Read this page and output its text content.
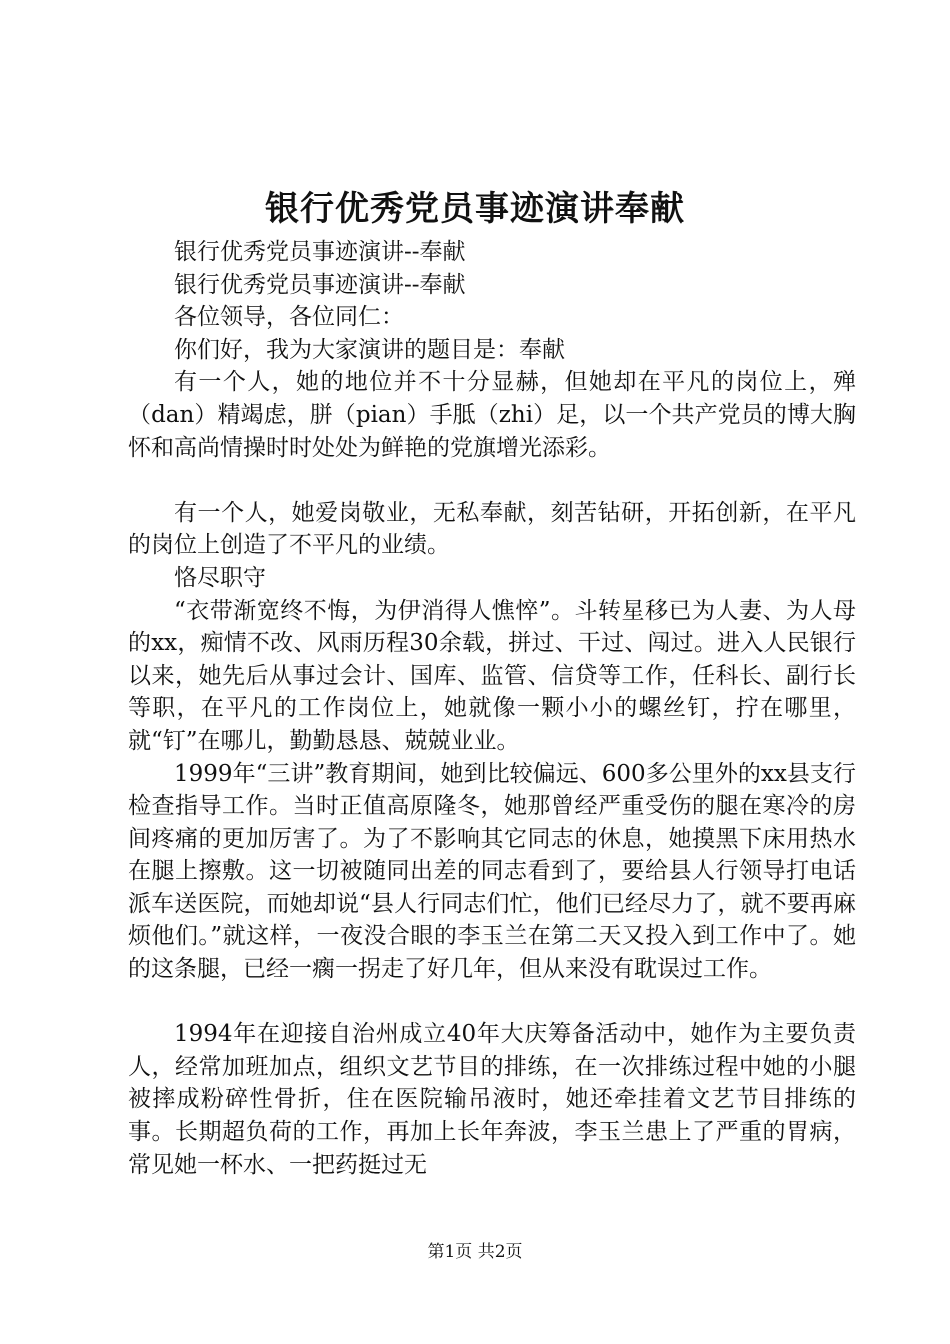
银行优秀党员事迹演讲奉献

银行优秀党员事迹演讲--奉献

银行优秀党员事迹演讲--奉献

各位领导，各位同仁：

你们好，我为大家演讲的题目是：奉献

有一个人，她的地位并不十分显赫，但她却在平凡的岗位上，殚（dan）精竭虑，胼（pian）手胝（zhi）足，以一个共产党员的博大胸怀和高尚情操时时处处为鲜艳的党旗增光添彩。

有一个人，她爱岗敬业，无私奉献，刻苦钻研，开拓创新，在平凡的岗位上创造了不平凡的业绩。

恪尽职守

“衣带渐宽终不悔，为伊消得人憔悴”。斗转星移已为人妻、为人母的xx，痴情不改、风雨历程30余载，拼过、干过、闯过。进入人民银行以来，她先后从事过会计、国库、监管、信贷等工作，任科长、副行长等职，在平凡的工作岗位上，她就像一颗小小的螺丝钉，拧在哪里，就“钉”在哪儿，勤勤恳恳、兢兢业业。

1999年“三讲”教育期间，她到比较偏远、600多公里外的xx县支行检查指导工作。当时正值高原隆冬，她那曾经严重受伤的腿在寒冷的房间疼痛的更加厉害了。为了不影响其它同志的休息，她摸黑下床用热水在腿上擦敷。这一切被随同出差的同志看到了，要给县人行领导打电话派车送医院，而她却说“县人行同志们忙，他们已经尽力了，就不要再麻烦他们。”就这样，一夜没合眼的李玉兰在第二天又投入到工作中了。她的这条腿，已经一瘸一拐走了好几年，但从来没有耽误过工作。

1994年在迎接自治州成立40年大庆筹备活动中，她作为主要负责人，经常加班加点，组织文艺节目的排练，在一次排练过程中她的小腿被摔成粉碎性骨折，住在医院输吊液时，她还牵挂着文艺节目排练的事。长期超负荷的工作，再加上长年奔波，李玉兰患上了严重的胃病，常见她一杯水、一把药挺过无

第1页 共2页
